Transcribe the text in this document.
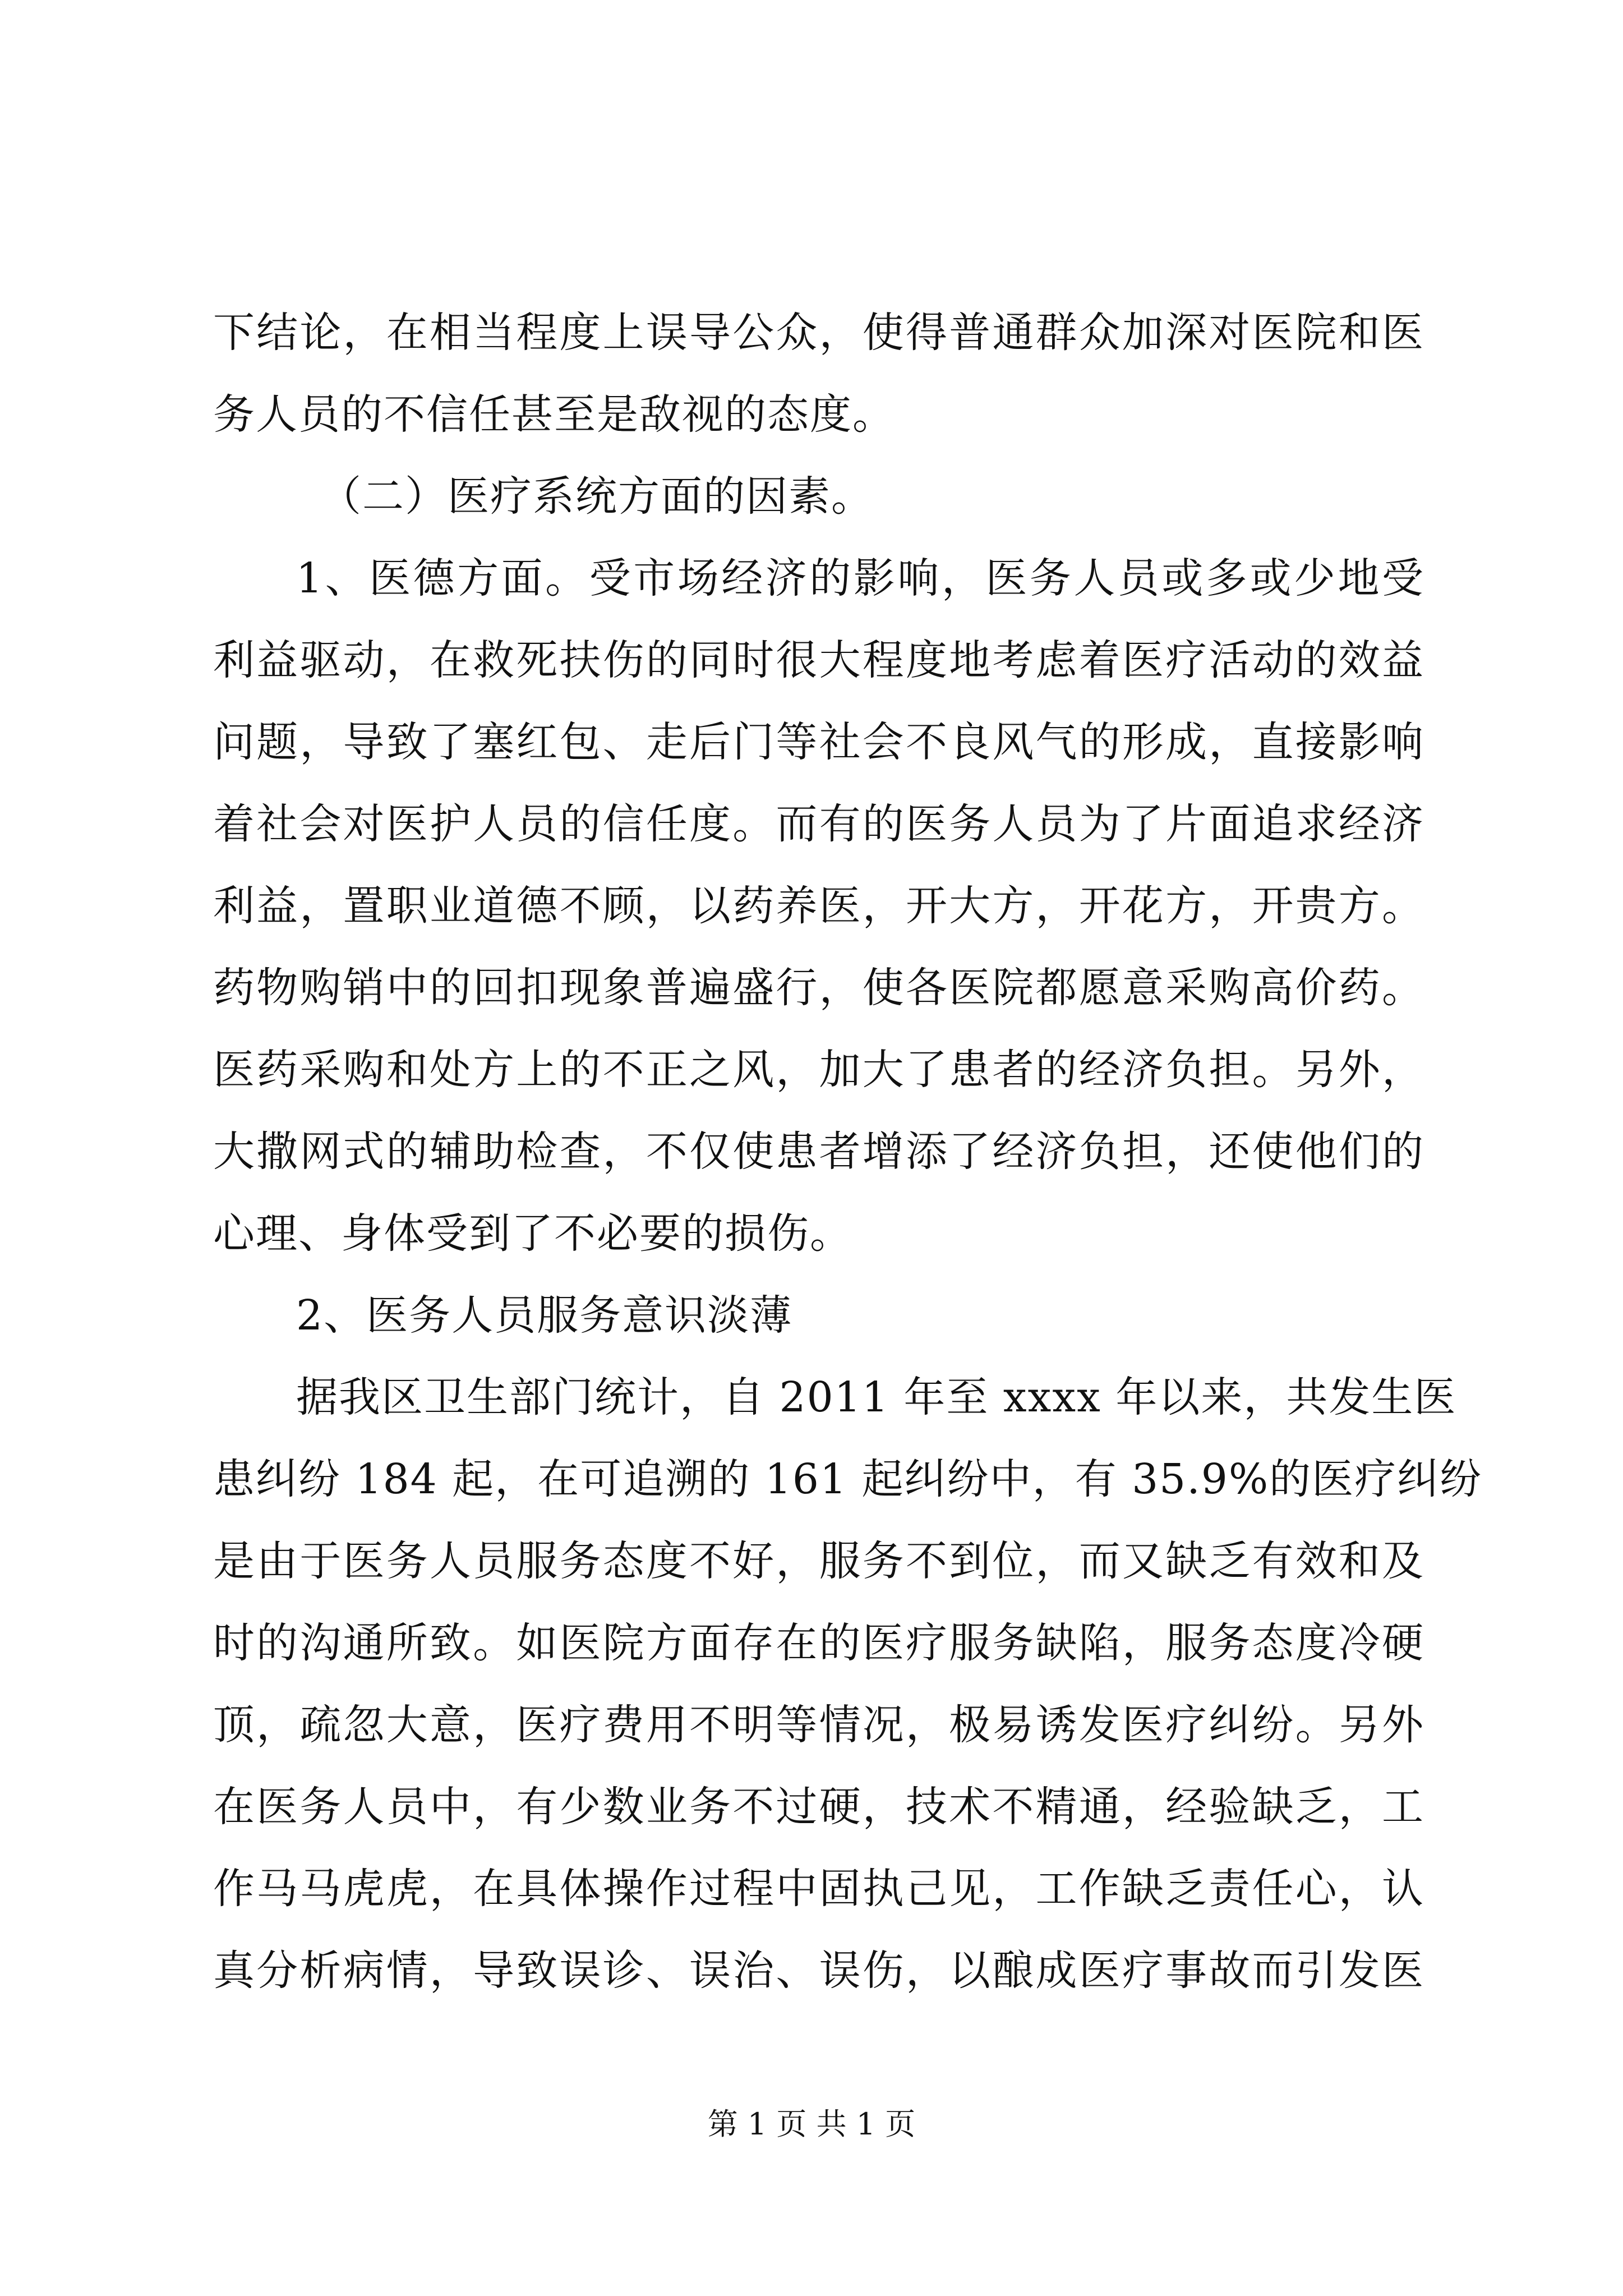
下结论，在相当程度上误导公众，使得普通群众加深对医院和医
务人员的不信任甚至是敌视的态度。
（二）医疗系统方面的因素。
1、医德方面。受市场经济的影响，医务人员或多或少地受
利益驱动，在救死扶伤的同时很大程度地考虑着医疗活动的效益
问题，导致了塞红包、走后门等社会不良风气的形成，直接影响
着社会对医护人员的信任度。而有的医务人员为了片面追求经济
利益，置职业道德不顾，以药养医，开大方，开花方，开贵方。
药物购销中的回扣现象普遍盛行，使各医院都愿意采购高价药。
医药采购和处方上的不正之风，加大了患者的经济负担。另外，
大撒网式的辅助检查，不仅使患者增添了经济负担，还使他们的
心理、身体受到了不必要的损伤。
2、医务人员服务意识淡薄
据我区卫生部门统计，自 2011 年至 xxxx 年以来，共发生医
患纠纷 184 起，在可追溯的 161 起纠纷中，有 35.9%的医疗纠纷
是由于医务人员服务态度不好，服务不到位，而又缺乏有效和及
时的沟通所致。如医院方面存在的医疗服务缺陷，服务态度冷硬
顶，疏忽大意，医疗费用不明等情况，极易诱发医疗纠纷。另外
在医务人员中，有少数业务不过硬，技术不精通，经验缺乏，工
作马马虎虎，在具体操作过程中固执己见，工作缺乏责任心，认
真分析病情，导致误诊、误治、误伤，以酿成医疗事故而引发医
第 1 页 共 1 页
